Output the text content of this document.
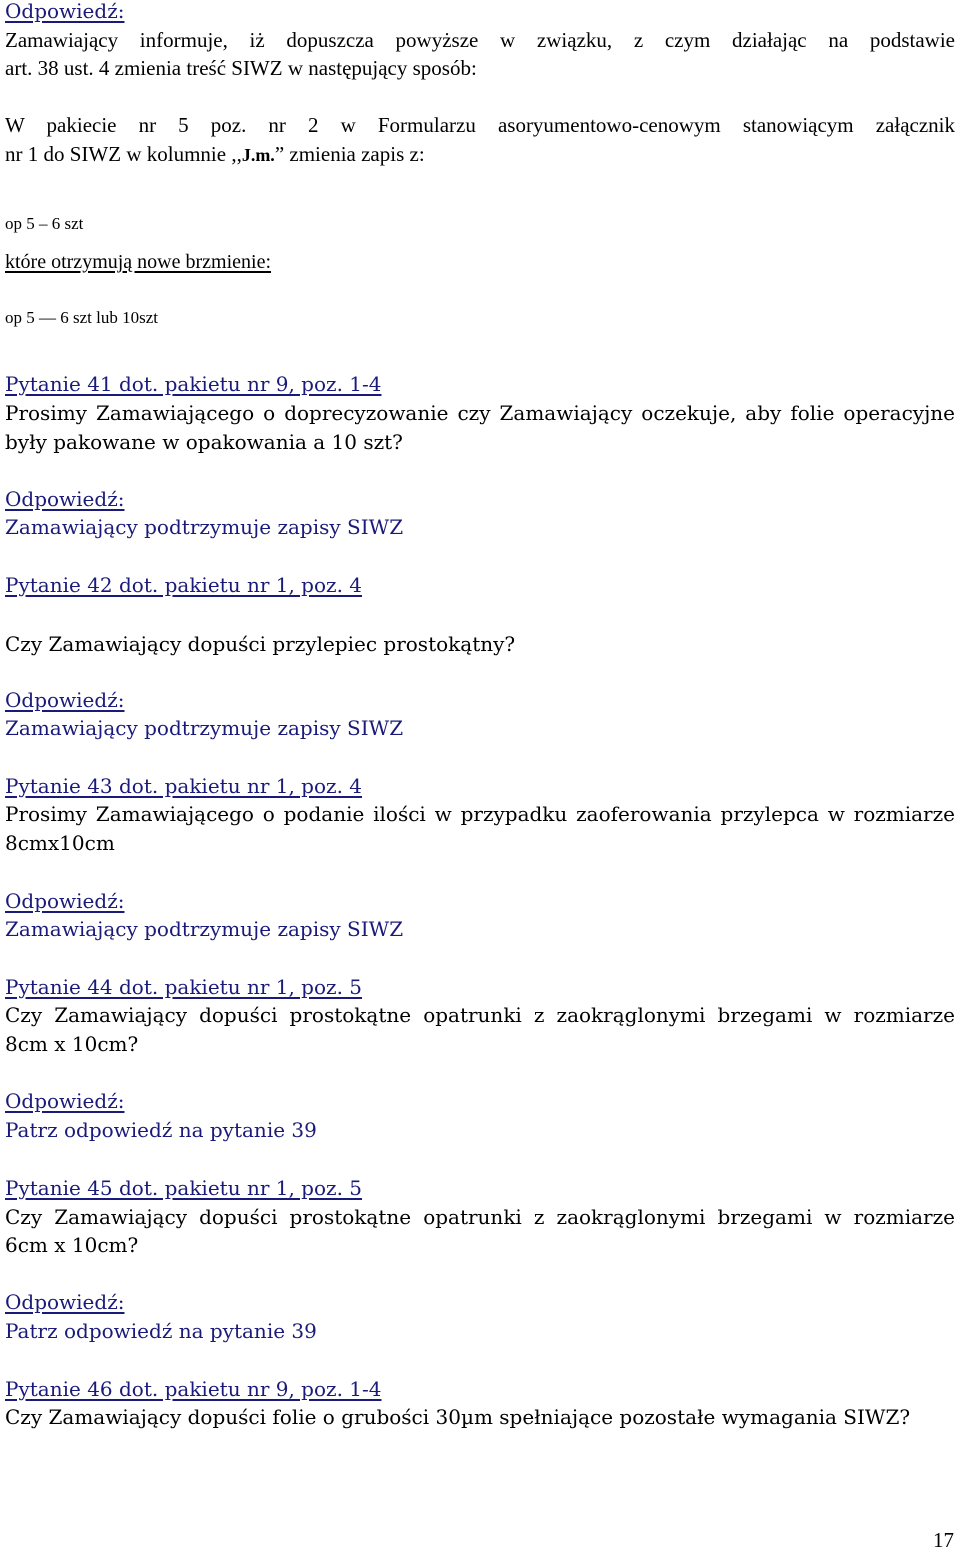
Odpowiedź:
Zamawiający informuje, iż dopuszcza powyższe w związku, z czym działając na podstawie
art. 38 ust. 4 zmienia treść SIWZ w następujący sposób:
W pakiecie nr 5 poz. nr 2 w Formularzu asoryumentowo-cenowym stanowiącym załącznik
nr 1 do SIWZ w kolumnie ,,J.m.” zmienia zapis z:
op 5 – 6 szt
które otrzymują nowe brzmienie:
op 5 — 6 szt lub 10szt
Pytanie 41 dot. pakietu nr 9, poz. 1-4
Prosimy Zamawiającego o doprecyzowanie czy Zamawiający oczekuje, aby folie operacyjne
były pakowane w opakowania a 10 szt?
Odpowiedź:
Zamawiający podtrzymuje zapisy SIWZ
Pytanie 42 dot. pakietu nr 1, poz. 4
Czy Zamawiający dopuści przylepiec prostokątny?
Odpowiedź:
Zamawiający podtrzymuje zapisy SIWZ
Pytanie 43 dot. pakietu nr 1, poz. 4
Prosimy Zamawiającego o podanie ilości w przypadku zaoferowania przylepca w rozmiarze
8cmx10cm
Odpowiedź:
Zamawiający podtrzymuje zapisy SIWZ
Pytanie 44 dot. pakietu nr 1, poz. 5
Czy Zamawiający dopuści prostokątne opatrunki z zaokrąglonymi brzegami w rozmiarze
8cm x 10cm?
Odpowiedź:
Patrz odpowiedź na pytanie 39
Pytanie 45 dot. pakietu nr 1, poz. 5
Czy Zamawiający dopuści prostokątne opatrunki z zaokrąglonymi brzegami w rozmiarze
6cm x 10cm?
Odpowiedź:
Patrz odpowiedź na pytanie 39
Pytanie 46 dot. pakietu nr 9, poz. 1-4
Czy Zamawiający dopuści folie o grubości 30µm spełniające pozostałe wymagania SIWZ?
17
